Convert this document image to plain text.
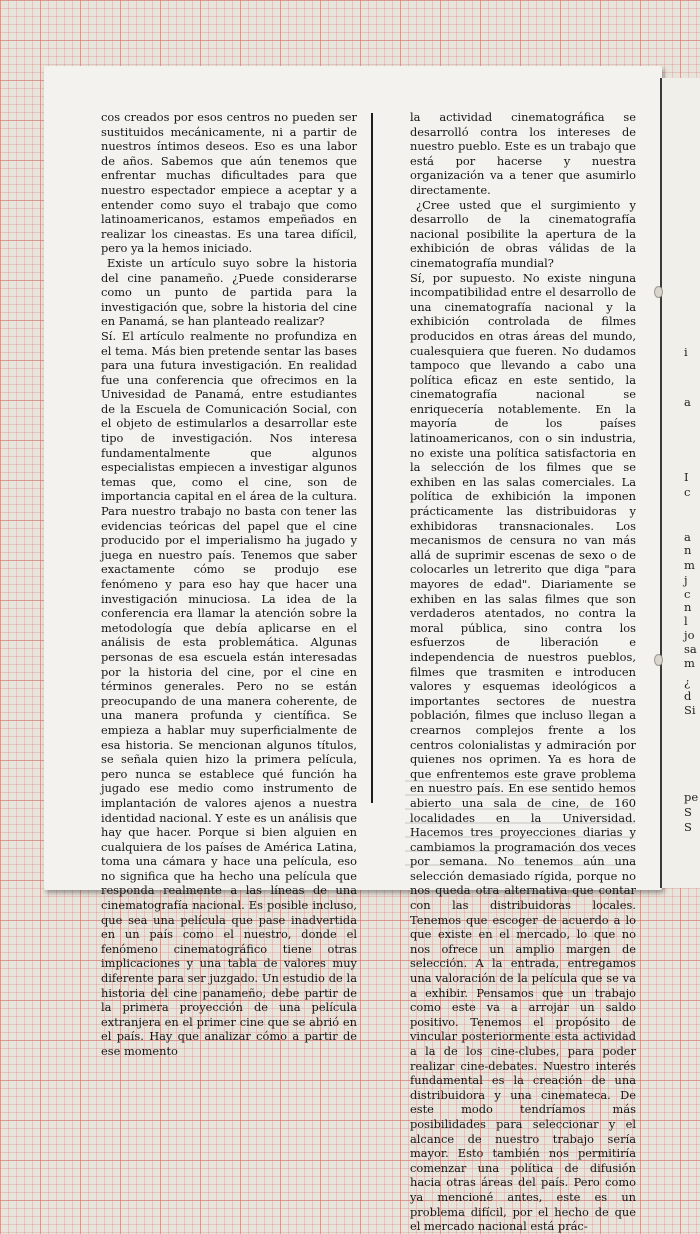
cos creados por esos centros no pueden ser sustituidos mecánicamente, ni a partir de nuestros íntimos deseos. Eso es una labor de años. Sabemos que aún tenemos que enfrentar muchas dificultades para que nuestro espectador empiece a aceptar y a entender como suyo el trabajo que como latinoamericanos, estamos empeñados en realizar los cineastas. Es una tarea difícil, pero ya la hemos iniciado.

Existe un artículo suyo sobre la historia del cine panameño. ¿Puede considerarse como un punto de partida para la investigación que, sobre la historia del cine en Panamá, se han planteado realizar?

Sí. El artículo realmente no profundiza en el tema. Más bien pretende sentar las bases para una futura investigación. En realidad fue una conferencia que ofrecimos en la Univesidad de Panamá, entre estudiantes de la Escuela de Comunicación Social, con el objeto de estimularlos a desarrollar este tipo de investigación. Nos interesa fundamentalmente que algunos especialistas empiecen a investigar algunos temas que, como el cine, son de importancia capital en el área de la cultura. Para nuestro trabajo no basta con tener las evidencias teóricas del papel que el cine producido por el imperialismo ha jugado y juega en nuestro país. Tenemos que saber exactamente cómo se produjo ese fenómeno y para eso hay que hacer una investigación minuciosa. La idea de la conferencia era llamar la atención sobre la metodología que debía aplicarse en el análisis de esta problemática. Algunas personas de esa escuela están interesadas por la historia del cine, por el cine en términos generales. Pero no se están preocupando de una manera coherente, de una manera profunda y científica. Se empieza a hablar muy superficialmente de esa historia. Se mencionan algunos títulos, se señala quien hizo la primera película, pero nunca se establece qué función ha jugado ese medio como instrumento de implantación de valores ajenos a nuestra identidad nacional. Y este es un análisis que hay que hacer. Porque si bien alguien en cualquiera de los países de América Latina, toma una cámara y hace una película, eso no significa que ha hecho una película que responda realmente a las líneas de una cinematografía nacional. Es posible incluso, que sea una película que pase inadvertida en un país como el nuestro, donde el fenómeno cinematográfico tiene otras implicaciones y una tabla de valores muy diferente para ser juzgado. Un estudio de la historia del cine panameño, debe partir de la primera proyección de una película extranjera en el primer cine que se abrió en el país. Hay que analizar cómo a partir de ese momento

la actividad cinematográfica se desarrolló contra los intereses de nuestro pueblo. Este es un trabajo que está por hacerse y nuestra organización va a tener que asumirlo directamente.

¿Cree usted que el surgimiento y desarrollo de la cinematografía nacional posibilite la apertura de la exhibición de obras válidas de la cinematografía mundial?

Sí, por supuesto. No existe ninguna incompatibilidad entre el desarrollo de una cinematografía nacional y la exhibición controlada de filmes producidos en otras áreas del mundo, cualesquiera que fueren. No dudamos tampoco que llevando a cabo una política eficaz en este sentido, la cinematografía nacional se enriquecería notablemente. En la mayoría de los países latinoamericanos, con o sin industria, no existe una política satisfactoria en la selección de los filmes que se exhiben en las salas comerciales. La política de exhibición la imponen prácticamente las distribuidoras y exhibidoras transnacionales. Los mecanismos de censura no van más allá de suprimir escenas de sexo o de colocarles un letrerito que diga "para mayores de edad". Diariamente se exhiben en las salas filmes que son verdaderos atentados, no contra la moral pública, sino contra los esfuerzos de liberación e independencia de nuestros pueblos, filmes que trasmiten e introducen valores y esquemas ideológicos a importantes sectores de nuestra población, filmes que incluso llegan a crearnos complejos frente a los centros colonialistas y admiración por quienes nos oprimen. Ya es hora de que enfrentemos este grave problema en nuestro país. En ese sentido hemos abierto una sala de cine, de 160 localidades en la Universidad. Hacemos tres proyecciones diarias y cambiamos la programación dos veces por semana. No tenemos aún una selección demasiado rígida, porque no nos queda otra alternativa que contar con las distribuidoras locales. Tenemos que escoger de acuerdo a lo que existe en el mercado, lo que no nos ofrece un amplio margen de selección. A la entrada, entregamos una valoración de la película que se va a exhibir. Pensamos que un trabajo como este va a arrojar un saldo positivo. Tenemos el propósito de vincular posteriormente esta actividad a la de los cine-clubes, para poder realizar cine-debates. Nuestro interés fundamental es la creación de una distribuidora y una cinemateca. De este modo tendríamos más posibilidades para seleccionar y el alcance de nuestro trabajo sería mayor. Esto también nos permitiría comenzar una política de difusión hacia otras áreas del país. Pero como ya mencioné antes, este es un problema difícil, por el hecho de que el mercado nacional está prác-

i
a
I
c
a
n
m
j
c
n
l
jo
sa
m
¿
d
Si
pe
S
S
